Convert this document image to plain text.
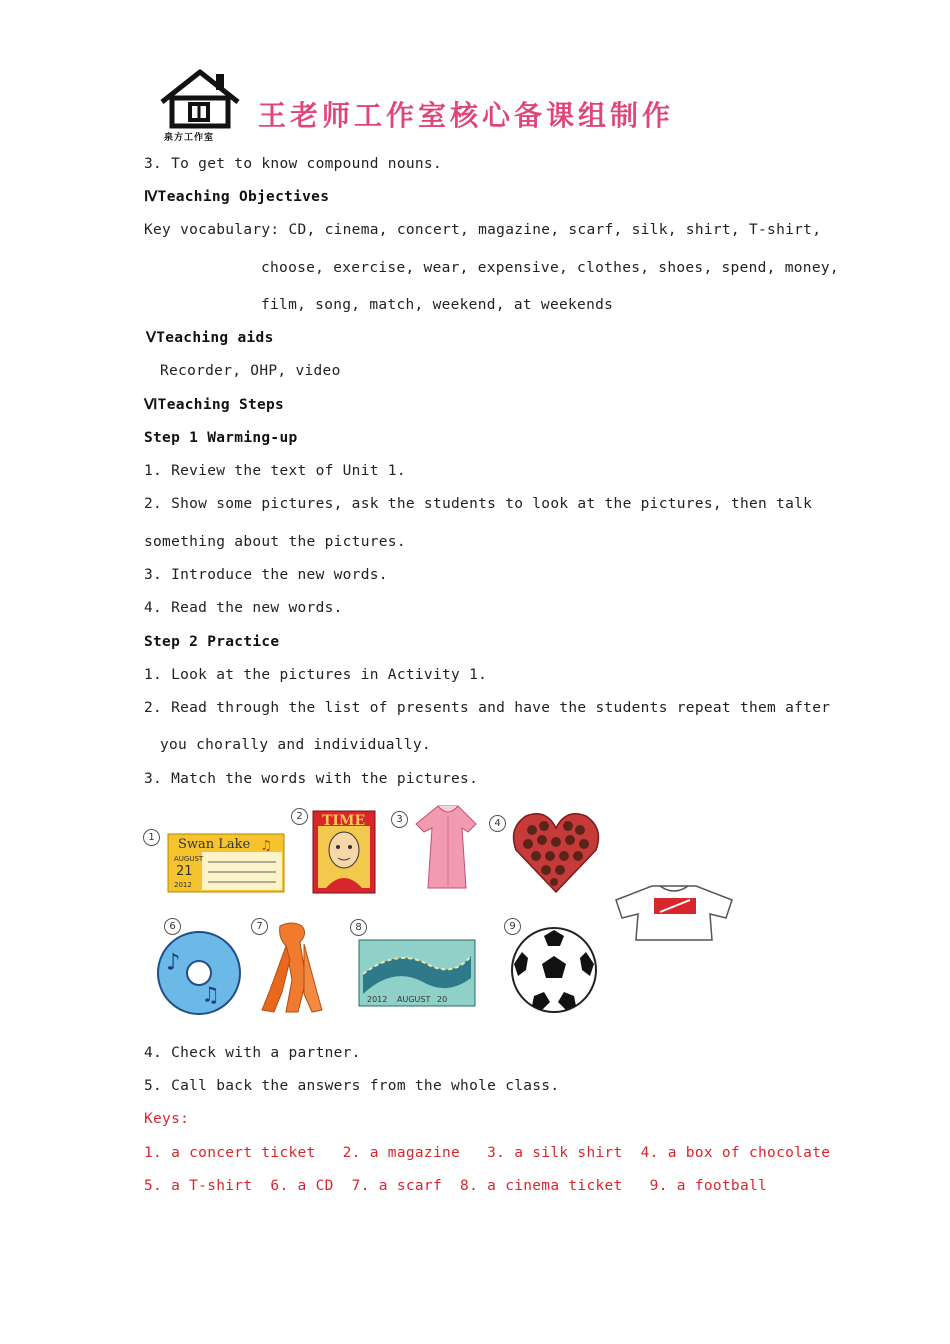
泉方工作室
王老师工作室核心备课组制作
3. To get to know compound nouns.
ⅣTeaching Objectives
Key vocabulary: CD, cinema, concert, magazine, scarf, silk, shirt, T-shirt,
choose, exercise, wear, expensive, clothes, shoes, spend, money,
film, song, match, weekend, at weekends
ⅤTeaching aids
Recorder, OHP, video
ⅥTeaching Steps
Step 1 Warming-up
1. Review the text of Unit 1.
2. Show some pictures, ask the students to look at the pictures, then talk
something about the pictures.
3. Introduce the new words.
4. Read the new words.
Step 2 Practice
1. Look at the pictures in Activity 1.
2. Read through the list of presents and have the students repeat them after
you chorally and individually.
3. Match the words with the pictures.
1	Swan Lake
AUGUST
21
2012
♫
2	TIME	3	4
6
♪
♫
7	8
2012 AUGUST 20
9
4. Check with a partner.
5. Call back the answers from the whole class.
Keys:
1. a concert ticket   2. a magazine   3. a silk shirt  4. a box of chocolate
5. a T-shirt  6. a CD  7. a scarf  8. a cinema ticket   9. a football
